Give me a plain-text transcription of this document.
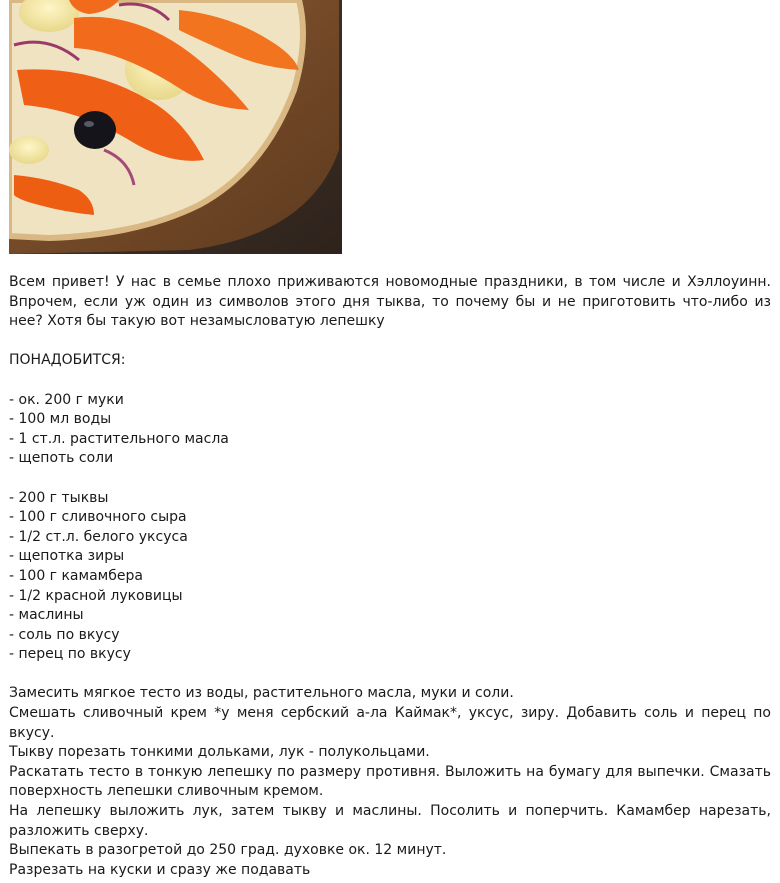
Всем привет! У нас в семье плохо приживаются новомодные праздники, в том числе и Хэллоуинн. Впрочем, если уж один из символов этого дня тыква, то почему бы и не приготовить что-либо из нее? Хотя бы такую вот незамысловатую лепешку

ПОНАДОБИТСЯ:

- ок. 200 г муки

- 100 мл воды

- 1 ст.л. растительного масла

- щепоть соли

- 200 г тыквы

- 100 г сливочного сыра

- 1/2 ст.л. белого уксуса

- щепотка зиры

- 100 г камамбера

- 1/2 красной луковицы

- маслины

- соль по вкусу

- перец по вкусу

Замесить мягкое тесто из воды, растительного масла, муки и соли.

Смешать сливочный крем *у меня сербский а-ла Каймак*, уксус, зиру. Добавить соль и перец по вкусу.

Тыкву порезать тонкими дольками, лук - полукольцами.

Раскатать тесто в тонкую лепешку по размеру противня. Выложить на бумагу для выпечки. Смазать поверхность лепешки сливочным кремом.

На лепешку выложить лук, затем тыкву и маслины. Посолить и поперчить. Камамбер нарезать, разложить сверху.

Выпекать в разогретой до 250 град. духовке ок. 12 минут.

Разрезать на куски и сразу же подавать
